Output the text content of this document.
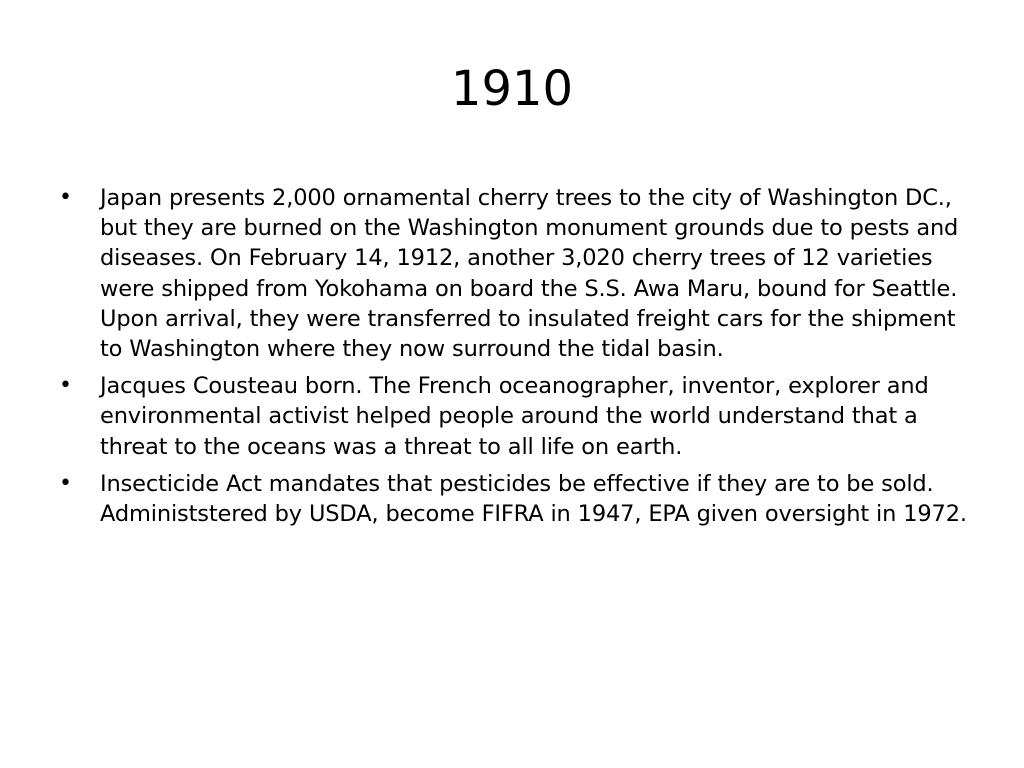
1910
•	Japan presents 2,000 ornamental cherry trees to the city of Washington DC., but they are burned on the Washington monument grounds due to pests and diseases. On February 14, 1912, another 3,020 cherry trees of 12 varieties were shipped from Yokohama on board the S.S. Awa Maru, bound for Seattle. Upon arrival, they were transferred to insulated freight cars for the shipment to Washington where they now surround the tidal basin.
•	Jacques Cousteau born. The French oceanographer, inventor, explorer and environmental activist helped people around the world understand that a threat to the oceans was a threat to all life on earth.
•	Insecticide Act mandates that pesticides be effective if they are to be sold. Administstered by USDA, become FIFRA in 1947, EPA given oversight in 1972.
